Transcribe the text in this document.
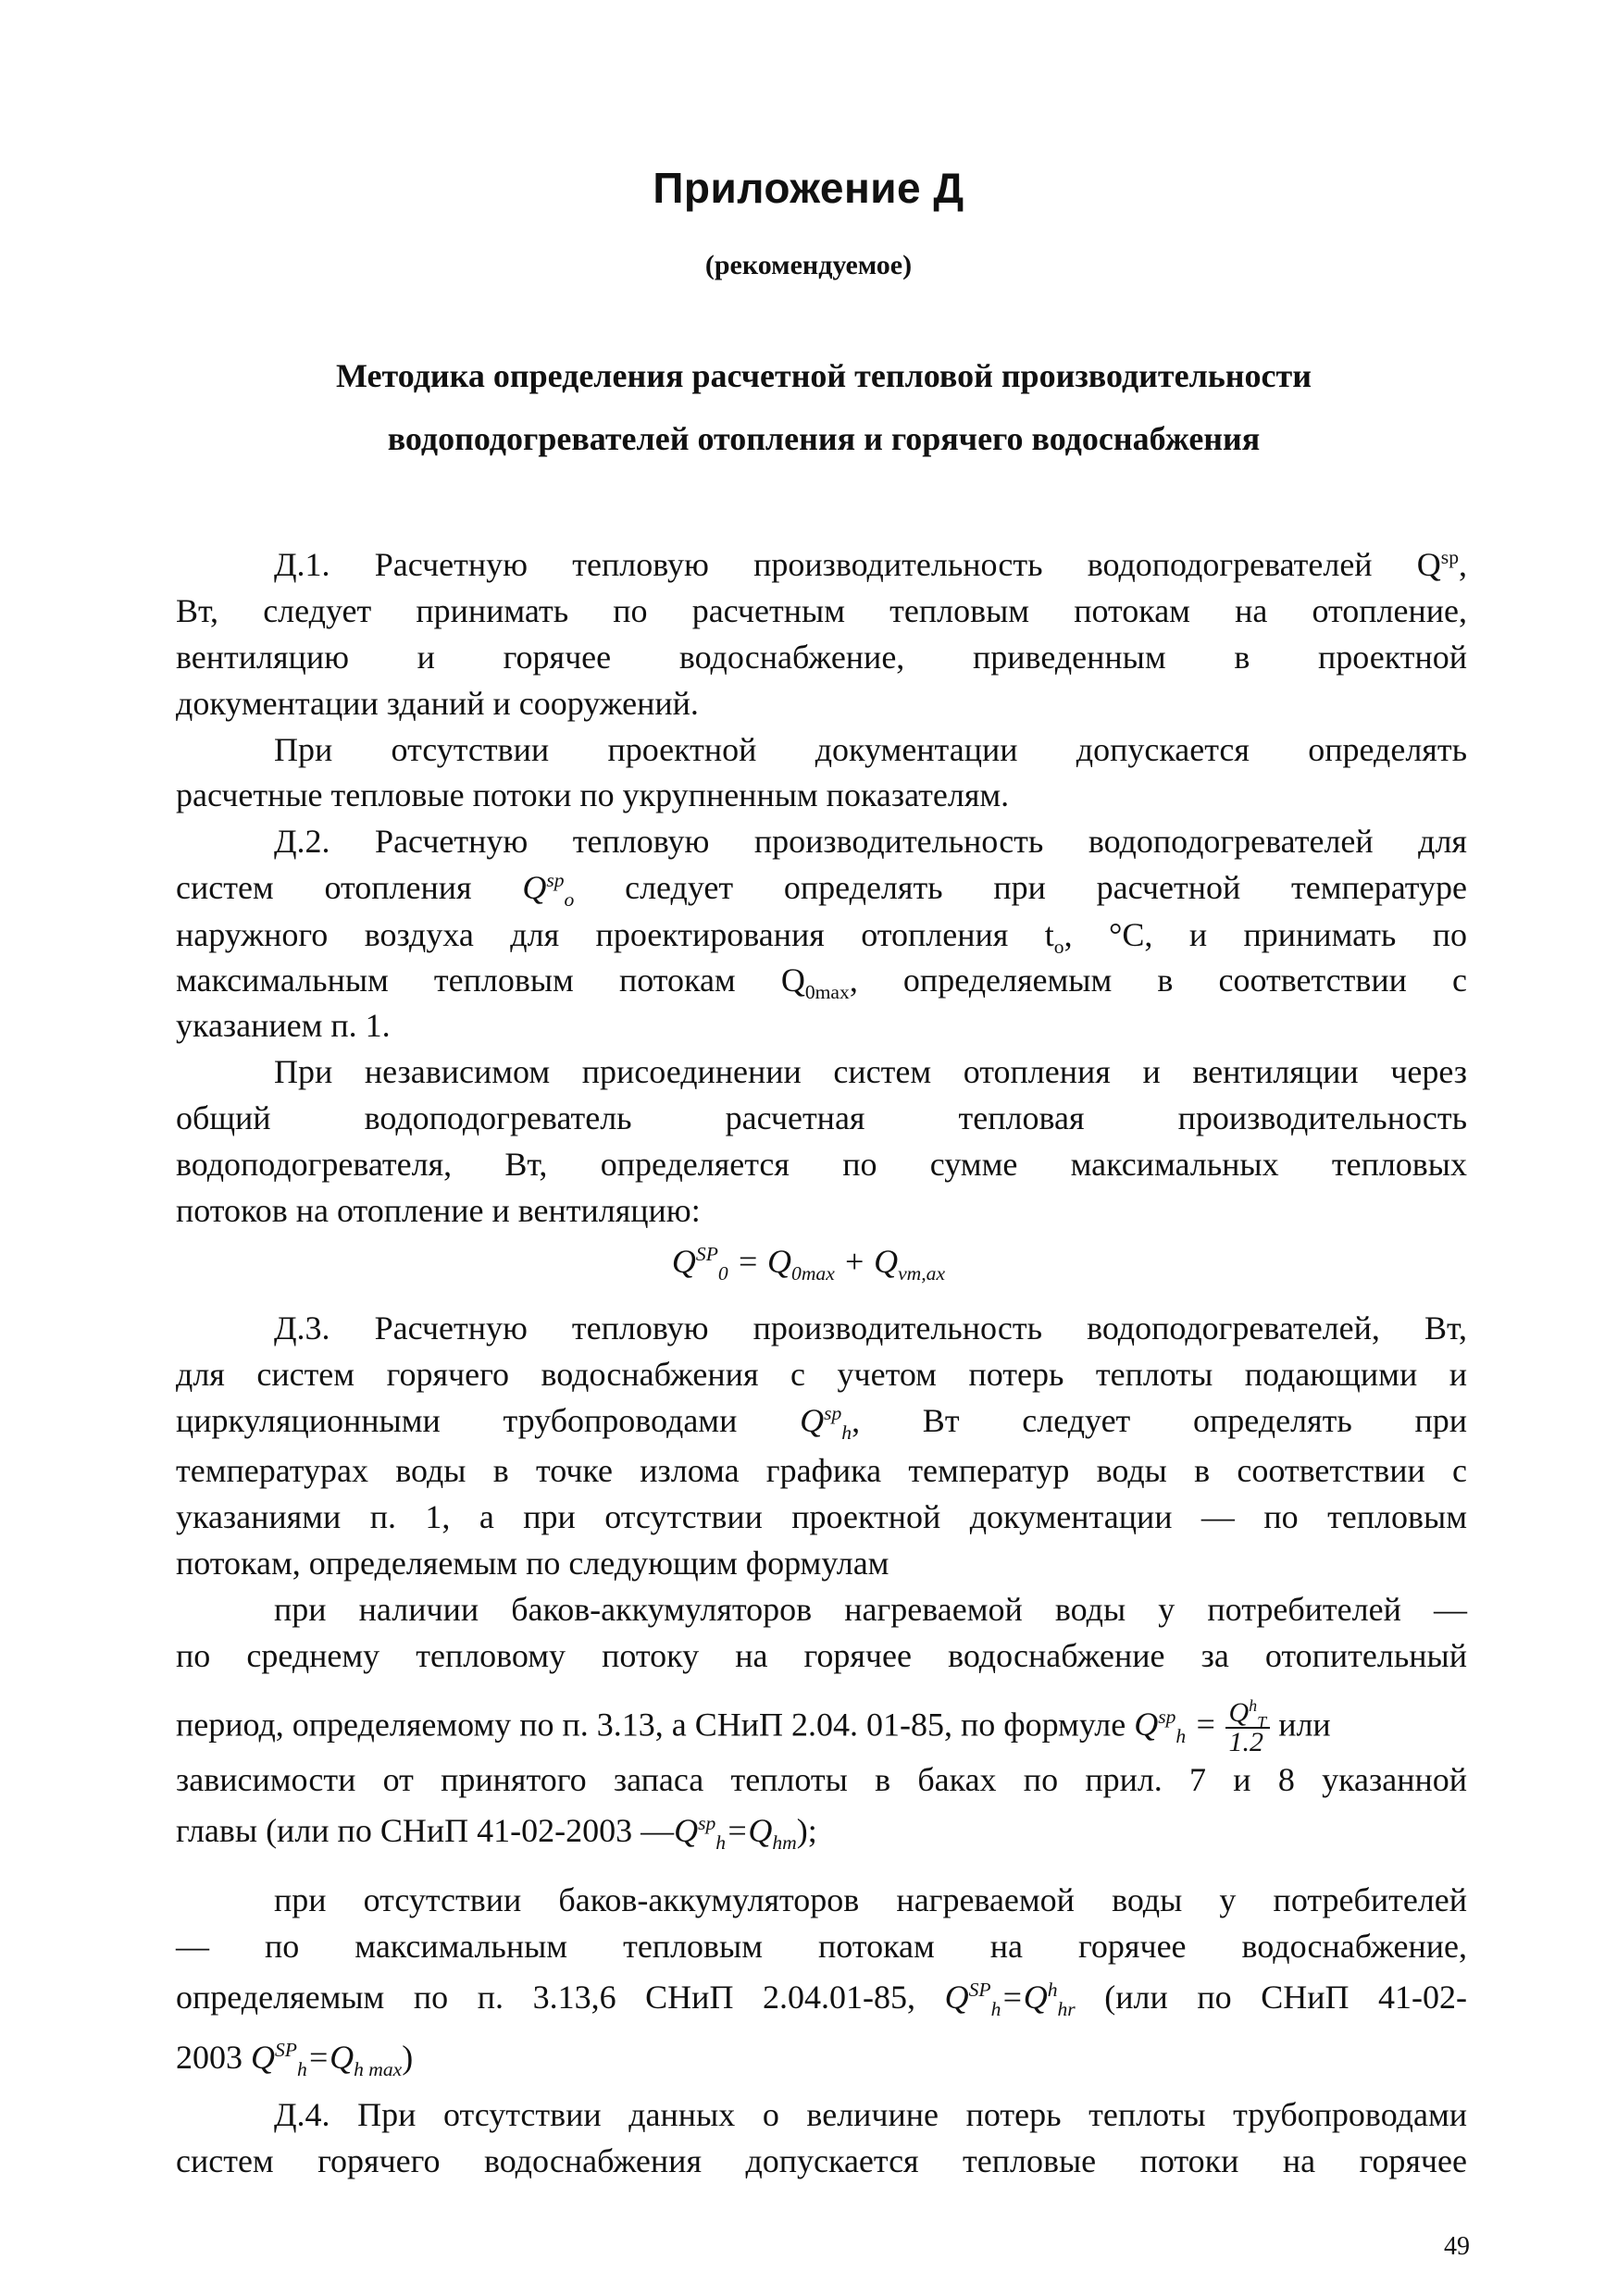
Приложение Д
(рекомендуемое)
Методика определения расчетной тепловой производительности
водоподогревателей отопления и горячего водоснабжения
Д.1. Расчетную тепловую производительность водоподогревателей $Q^{sp}$,
Вт, следует принимать по расчетным тепловым потокам на отопление,
вентиляцию и горячее водоснабжение, приведенным в проектной
документации зданий и сооружений.
При отсутствии проектной документации допускается определять
расчетные тепловые потоки по укрупненным показателям.
Д.2. Расчетную тепловую производительность водоподогревателей для
систем отопления $Q^{sp}_o$ следует определять при расчетной температуре
наружного воздуха для проектирования отопления $t_o$, °С, и принимать по
максимальным тепловым потокам $Q_{0max}$, определяемым в соответствии с
указанием п. 1.
При независимом присоединении систем отопления и вентиляции через
общий водоподогреватель расчетная тепловая производительность
водоподогревателя, Вт, определяется по сумме максимальных тепловых
потоков на отопление и вентиляцию:
$Q^{SP}_0 = Q_{0max} + Q_{vm,ax}$
Д.3. Расчетную тепловую производительность водоподогревателей, Вт,
для систем горячего водоснабжения с учетом потерь теплоты подающими и
циркуляционными трубопроводами $Q^{sp}_h$, Вт следует определять при
температурах воды в точке излома графика температур воды в соответствии с
указаниями п. 1, а при отсутствии проектной документации — по тепловым
потокам, определяемым по следующим формулам
при наличии баков-аккумуляторов нагреваемой воды у потребителей —
по среднему тепловому потоку на горячее водоснабжение за отопительный
период, определяемому по п. 3.13, а СНиП 2.04. 01-85, по формуле $Q^{sp}_h = \frac{Q^h_T}{1.2}$ или
зависимости от принятого запаса теплоты в баках по прил. 7 и 8 указанной
главы (или по СНиП 41-02-2003 $—Q^{sp}_h=Q_{hm}$);
при отсутствии баков-аккумуляторов нагреваемой воды у потребителей
— по максимальным тепловым потокам на горячее водоснабжение,
определяемым по п. 3.13,6 СНиП 2.04.01-85, $Q^{SP}_h=Q^h_{hr}$ (или по СНиП 41-02-
2003 $Q^{SP}_h=Q_{h max}$)
Д.4. При отсутствии данных о величине потерь теплоты трубопроводами
систем горячего водоснабжения допускается тепловые потоки на горячее
49
